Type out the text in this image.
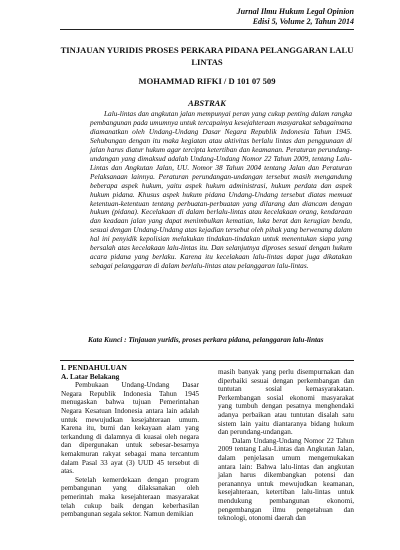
Jurnal Ilmu Hukum Legal Opinion
Edisi 5, Volume 2, Tahun 2014
TINJAUAN YURIDIS PROSES PERKARA PIDANA PELANGGARAN LALU LINTAS
MOHAMMAD RIFKI / D 101 07 509
ABSTRAK

Lalu-lintas dan angkutan jalan mempunyai peran yang cukup penting dalam rangka pembangunan pada umumnya untuk tercapainya kesejahteraan masyarakat sebagaimana diamanatkan oleh Undang-Undang Dasar Negara Republik Indonesia Tahun 1945. Sehubungan dengan itu maka kegiatan atau aktivitas berlalu lintas dan penggunaan di jalan harus diatur hukum agar tercipta ketertiban dan keamanan. Peraturan perundang-undangan yang dimaksud adalah Undang-Undang Nomor 22 Tahun 2009, tentang Lalu-Lintas dan Angkutan Jalan, UU. Nomor 38 Tahun 2004 tentang Jalan dan Peraturan Pelaksanaan lainnya. Peraturan perundangan-undangan tersebut masih mengandung beberapa aspek hukum, yaitu aspek hukum administrasi, hukum perdata dan aspek hukum pidana. Khusus aspek hukum pidana Undang-Undang tersebut diatas memuat ketentuan-ketentuan tentang perbuatan-perbuatan yang dilarang dan diancam dengan hukum (pidana). Kecelakaan di dalam berlalu-lintas atau kecelakaan orang, kendaraan dan keadaan jalan yang dapat menimbulkan kematian, luka berat dan kerugian benda, sesuai dengan Undang-Undang atas kejadian tersebut oleh pihak yang berwenang dalam hal ini penyidik kepolisian melakukan tindakan-tindakan untuk menentukan siapa yang bersalah atas kecelakaan lalu-lintas itu. Dan selanjutnya diproses sesuai dengan hukum acara pidana yang berlaku. Karena itu kecelakaan lalu-lintas dapat juga dikatakan sebagai pelanggaran di dalam berlalu-lintas atau pelanggaran lalu-lintas.

Kata Kunci : Tinjauan yuridis, proses perkara pidana, pelanggaran lalu-lintas

I. PENDAHULUAN

A. Latar Belakang

Pembukaan Undang-Undang Dasar Negara Republik Indonesia Tahun 1945 menugaskan bahwa tujuan Pemerintahan Negara Kesatuan Indonesia antara lain adalah untuk mewujudkan kesejahteraan umum. Karena itu, bumi dan kekayaan alam yang terkandung di dalamnya di kuasai oleh negara dan dipergunakan untuk sebesar-besarnya kemakmuran rakyat sebagai mana tercantum dalam Pasal 33 ayat (3) UUD 45 tersebut di atas.

Setelah kemerdekaan dengan program pembangunan yang dilaksanakan oleh pemerintah maka kesejahteraan masyarakat telah cukup baik dengan keberhasilan pembangunan segala sektor. Namun demikian

masih banyak yang perlu disempurnakan dan diperbaiki sesuai dengan perkembangan dan tuntutan sosial kemasyarakatan. Perkembangan sosial ekonomi masyarakat yang tumbuh dengan pesatnya menghendaki adanya perbaikan atau tuntutan disalah satu sistem lain yaitu diantaranya bidang hukum dan perundang-undangan.

Dalam Undang-Undang Nomor 22 Tahun 2009 tentang Lalu-Lintas dan Angkutan Jalan, dalam penjelasan umum mengemukakan antara lain: Bahwa lalu-lintas dan angkutan jalan harus dikembangkan potensi dan peranannya untuk mewujudkan keamanan, kesejahteraan, ketertiban lalu-lintas untuk mendukung pembangunan ekonomi, pengembangan ilmu pengetahuan dan teknologi, otonomi daerah dan
